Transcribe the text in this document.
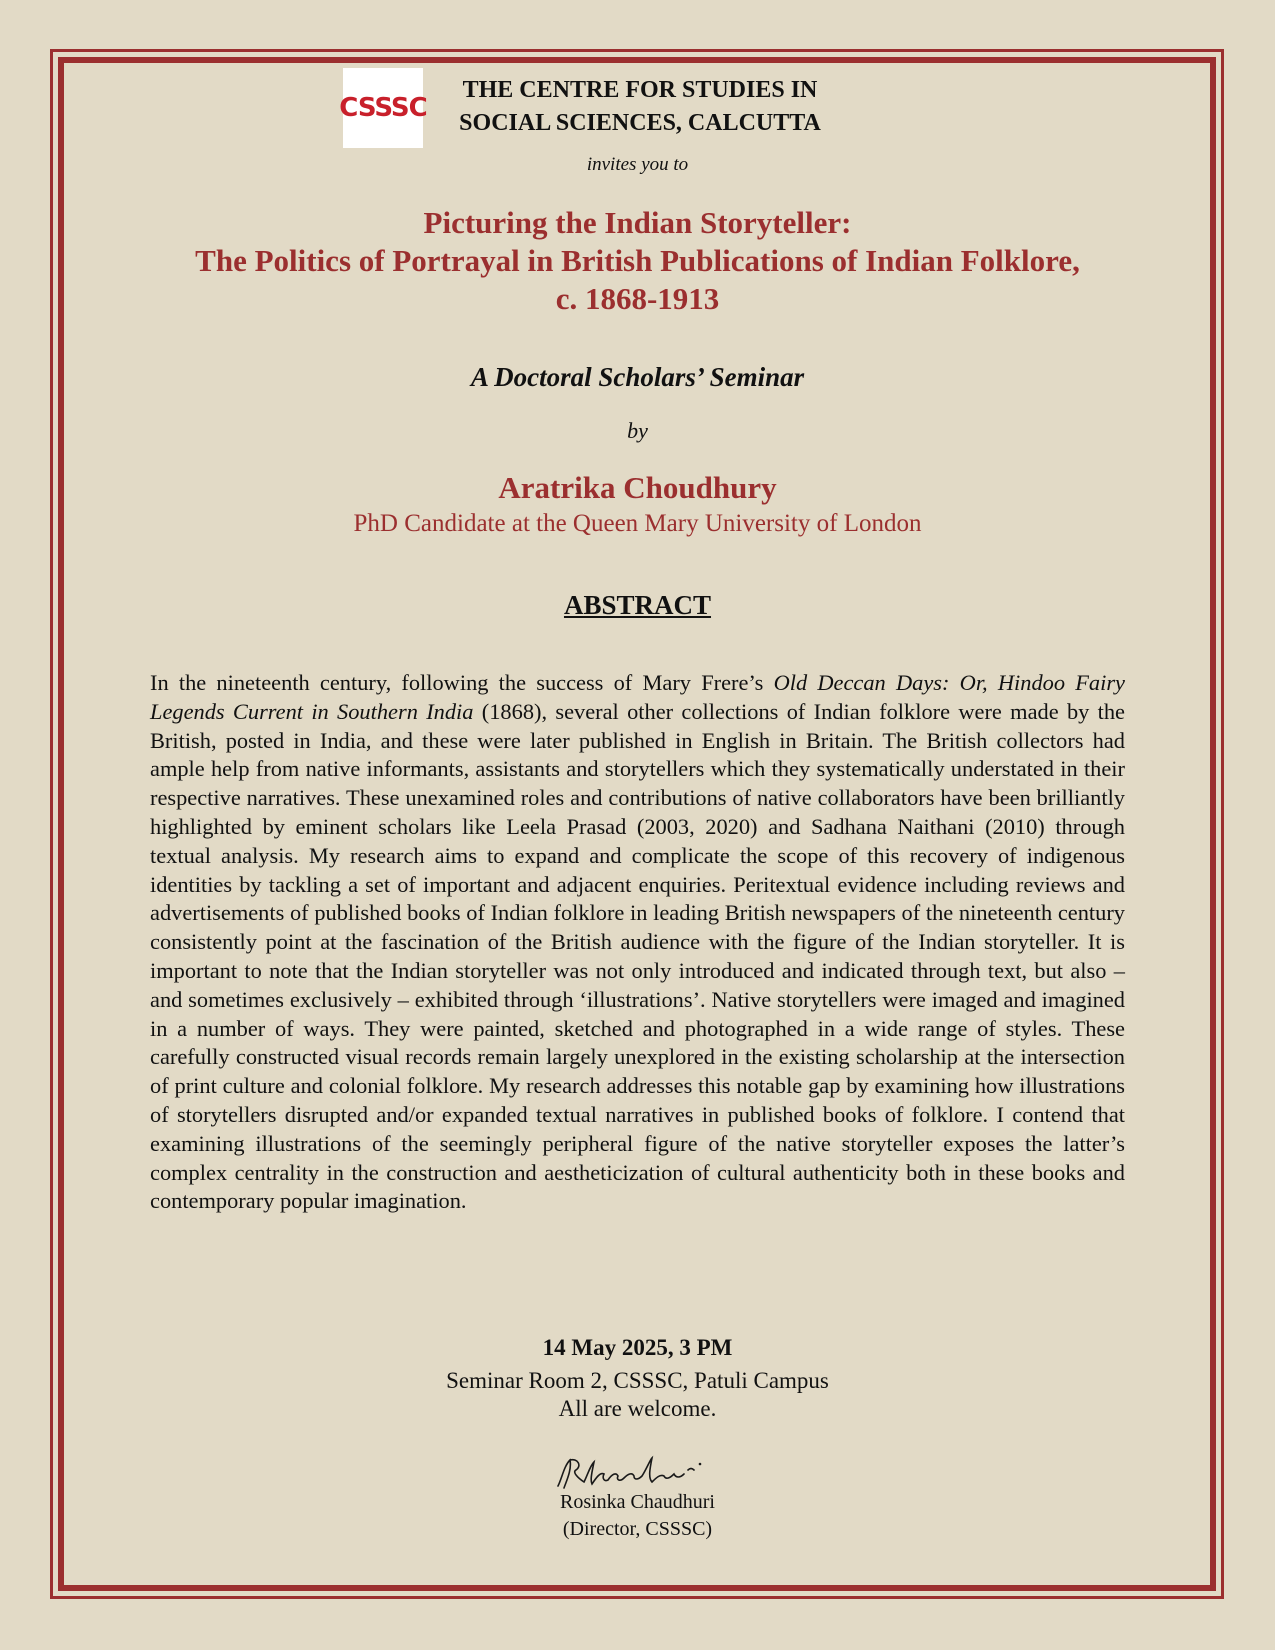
CSSSC
THE CENTRE FOR STUDIES IN
SOCIAL SCIENCES, CALCUTTA
invites you to
Picturing the Indian Storyteller:
The Politics of Portrayal in British Publications of Indian Folklore,
c. 1868-1913
A Doctoral Scholars’ Seminar
by
Aratrika Choudhury
PhD Candidate at the Queen Mary University of London
ABSTRACT

In the nineteenth century, following the success of Mary Frere’s Old Deccan Days: Or, Hindoo Fairy Legends Current in Southern India (1868), several other collections of Indian folklore were made by the British, posted in India, and these were later published in English in Britain. The British collectors had ample help from native informants, assistants and storytellers which they systematically understated in their respective narratives. These unexamined roles and contributions of native collaborators have been brilliantly highlighted by eminent scholars like Leela Prasad (2003, 2020) and Sadhana Naithani (2010) through textual analysis. My research aims to expand and complicate the scope of this recovery of indigenous identities by tackling a set of important and adjacent enquiries. Peritextual evidence including reviews and advertisements of published books of Indian folklore in leading British newspapers of the nineteenth century consistently point at the fascination of the British audience with the figure of the Indian storyteller. It is important to note that the Indian storyteller was not only introduced and indicated through text, but also – and sometimes exclusively – exhibited through ‘illustrations’. Native storytellers were imaged and imagined in a number of ways. They were painted, sketched and photographed in a wide range of styles. These carefully constructed visual records remain largely unexplored in the existing scholarship at the intersection of print culture and colonial folklore. My research addresses this notable gap by examining how illustrations of storytellers disrupted and/or expanded textual narratives in published books of folklore. I contend that examining illustrations of the seemingly peripheral figure of the native storyteller exposes the latter’s complex centrality in the construction and aestheticization of cultural authenticity both in these books and contemporary popular imagination.

14 May 2025, 3 PM
Seminar Room 2, CSSSC, Patuli Campus
All are welcome.
Rosinka Chaudhuri
(Director, CSSSC)
